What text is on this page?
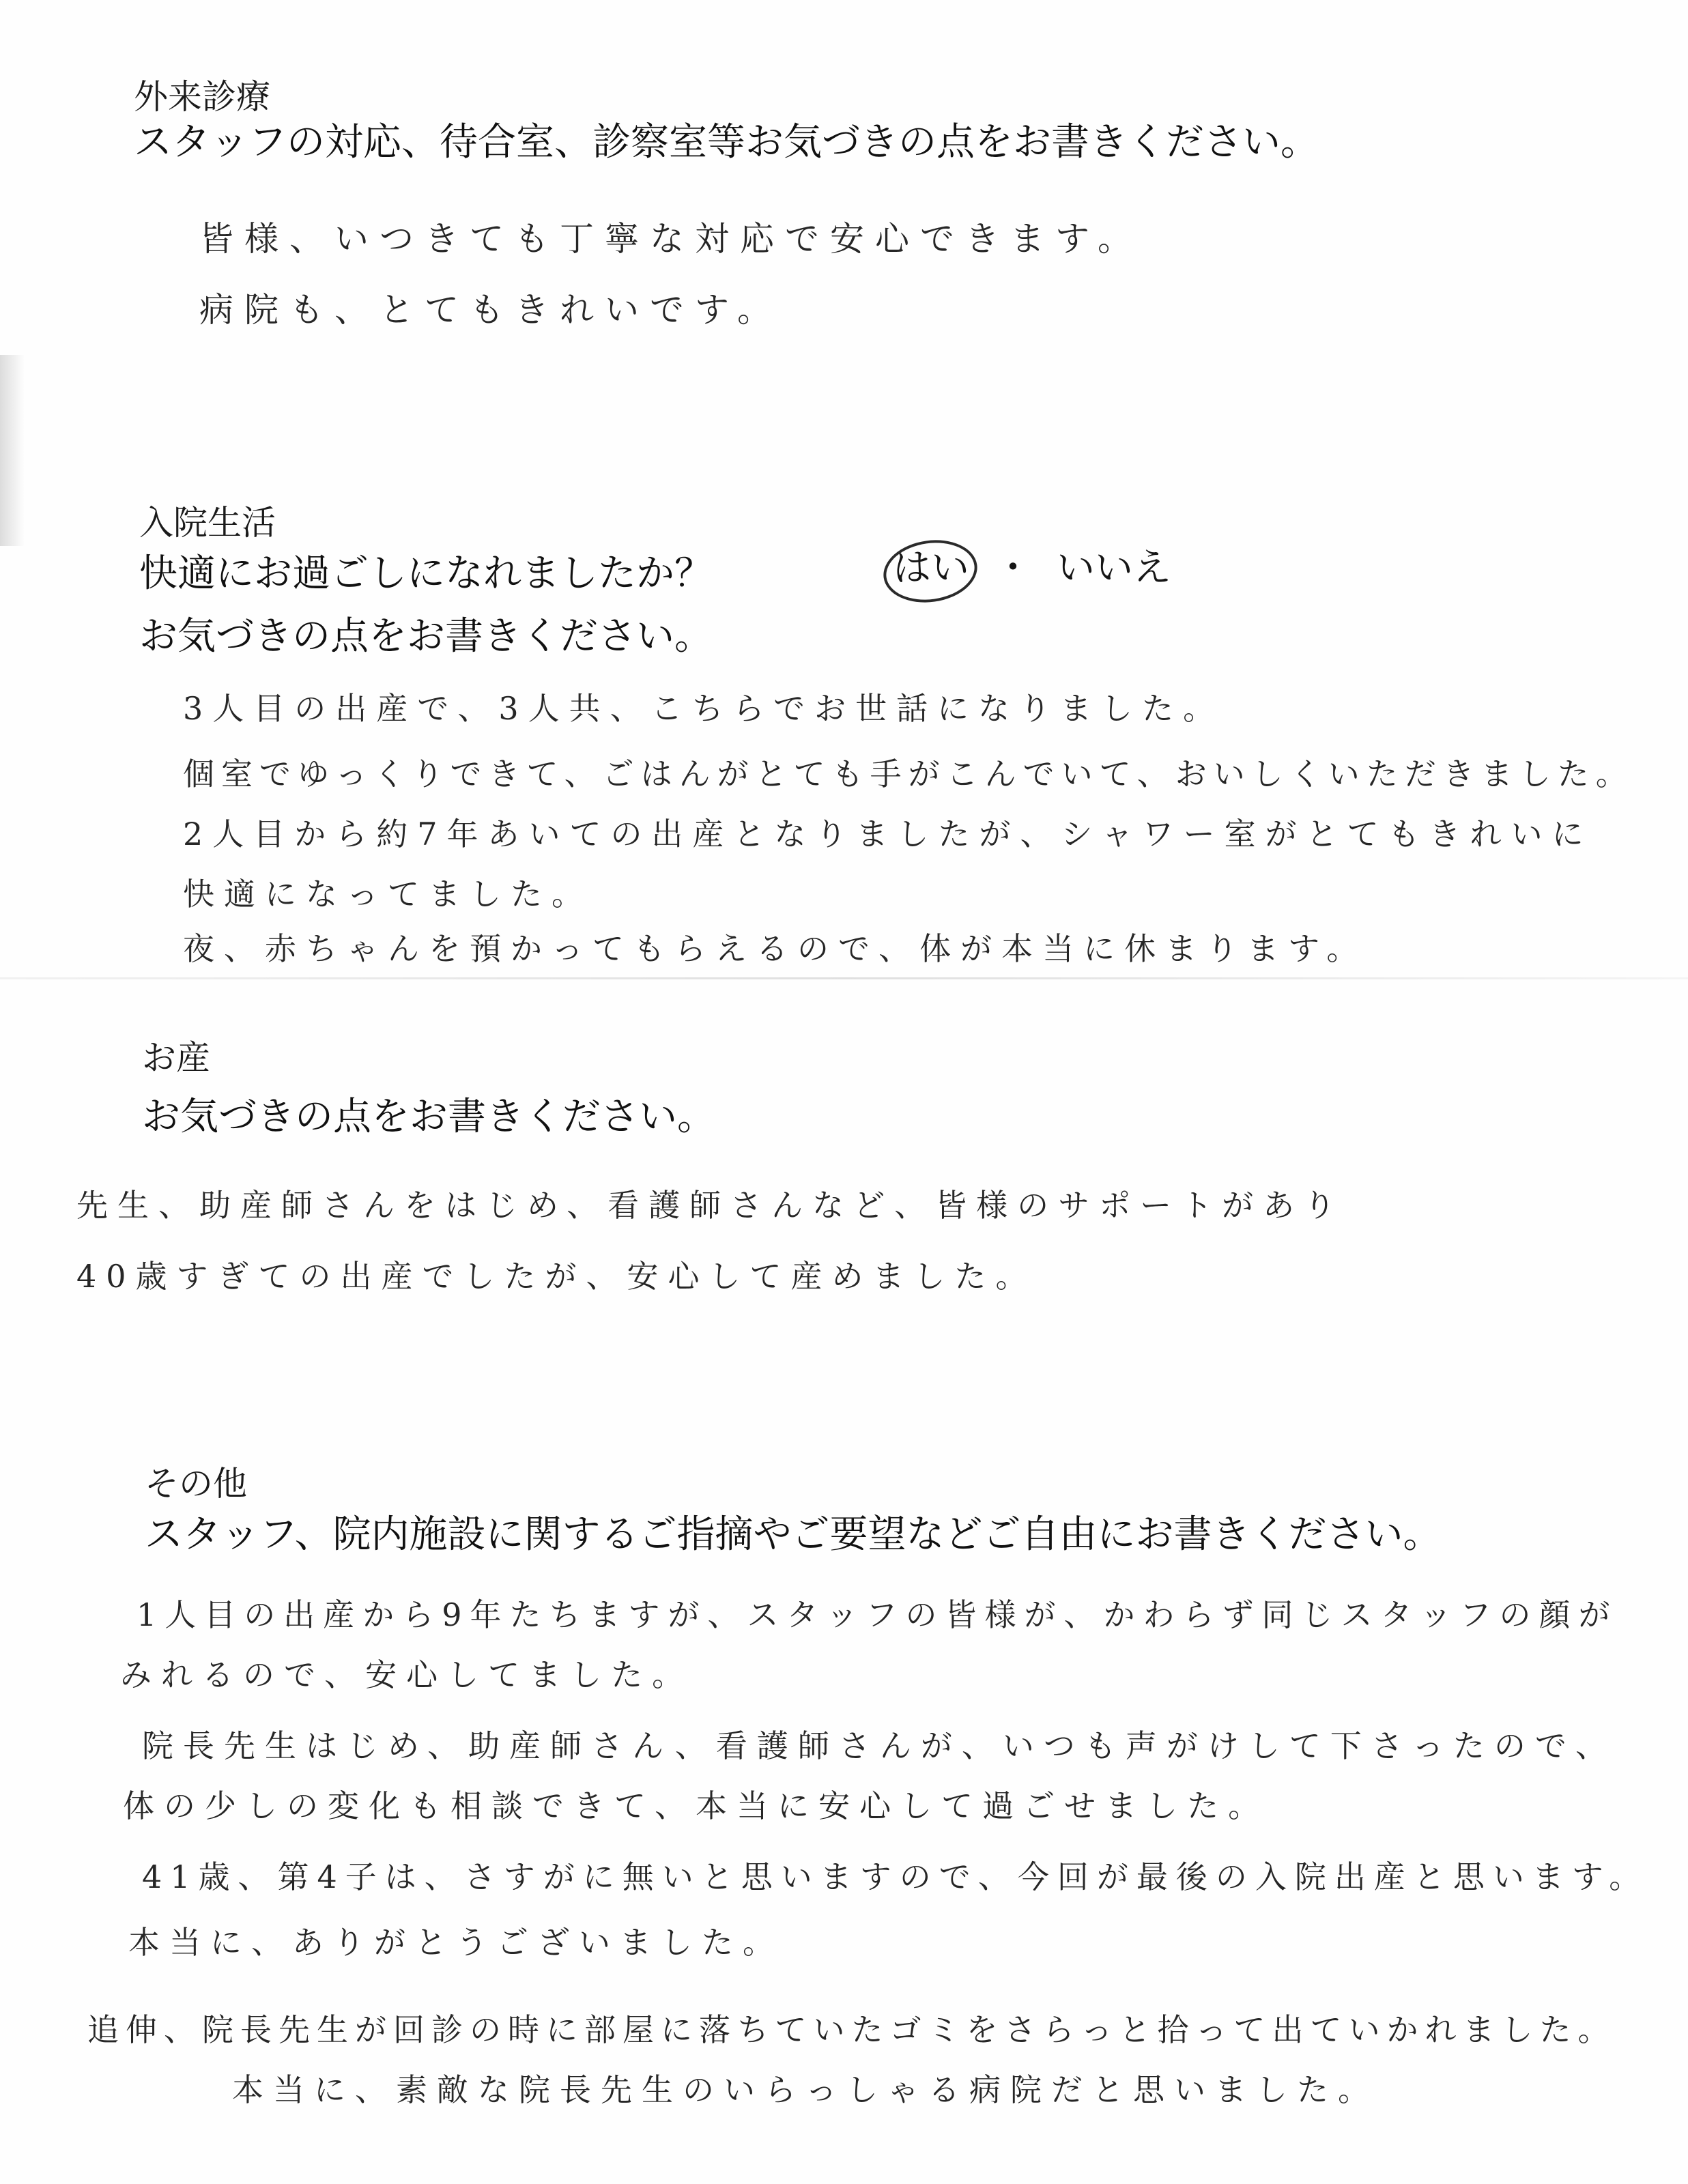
外来診療
スタッフの対応、待合室、診察室等お気づきの点をお書きください。
皆様、いつきても丁寧な対応で安心できます。
病院も、とてもきれいです。
入院生活
快適にお過ごしになれましたか？	はい ・ いいえ
お気づきの点をお書きください。
3人目の出産で、3人共、こちらでお世話になりました。
個室でゆっくりできて、ごはんがとても手がこんでいて、おいしくいただきました。
2人目から約7年あいての出産となりましたが、シャワー室がとてもきれいに
快適になってました。
夜、赤ちゃんを預かってもらえるので、体が本当に休まります。
お産
お気づきの点をお書きください。
先生、助産師さんをはじめ、看護師さんなど、皆様のサポートがあり
40歳すぎての出産でしたが、安心して産めました。
その他
スタッフ、院内施設に関するご指摘やご要望などご自由にお書きください。
1人目の出産から9年たちますが、スタッフの皆様が、かわらず同じスタッフの顔が
みれるので、安心してました。
院長先生はじめ、助産師さん、看護師さんが、いつも声がけして下さったので、
体の少しの変化も相談できて、本当に安心して過ごせました。
41歳、第4子は、さすがに無いと思いますので、今回が最後の入院出産と思います。
本当に、ありがとうございました。
追伸、院長先生が回診の時に部屋に落ちていたゴミをさらっと拾って出ていかれました。
本当に、素敵な院長先生のいらっしゃる病院だと思いました。
